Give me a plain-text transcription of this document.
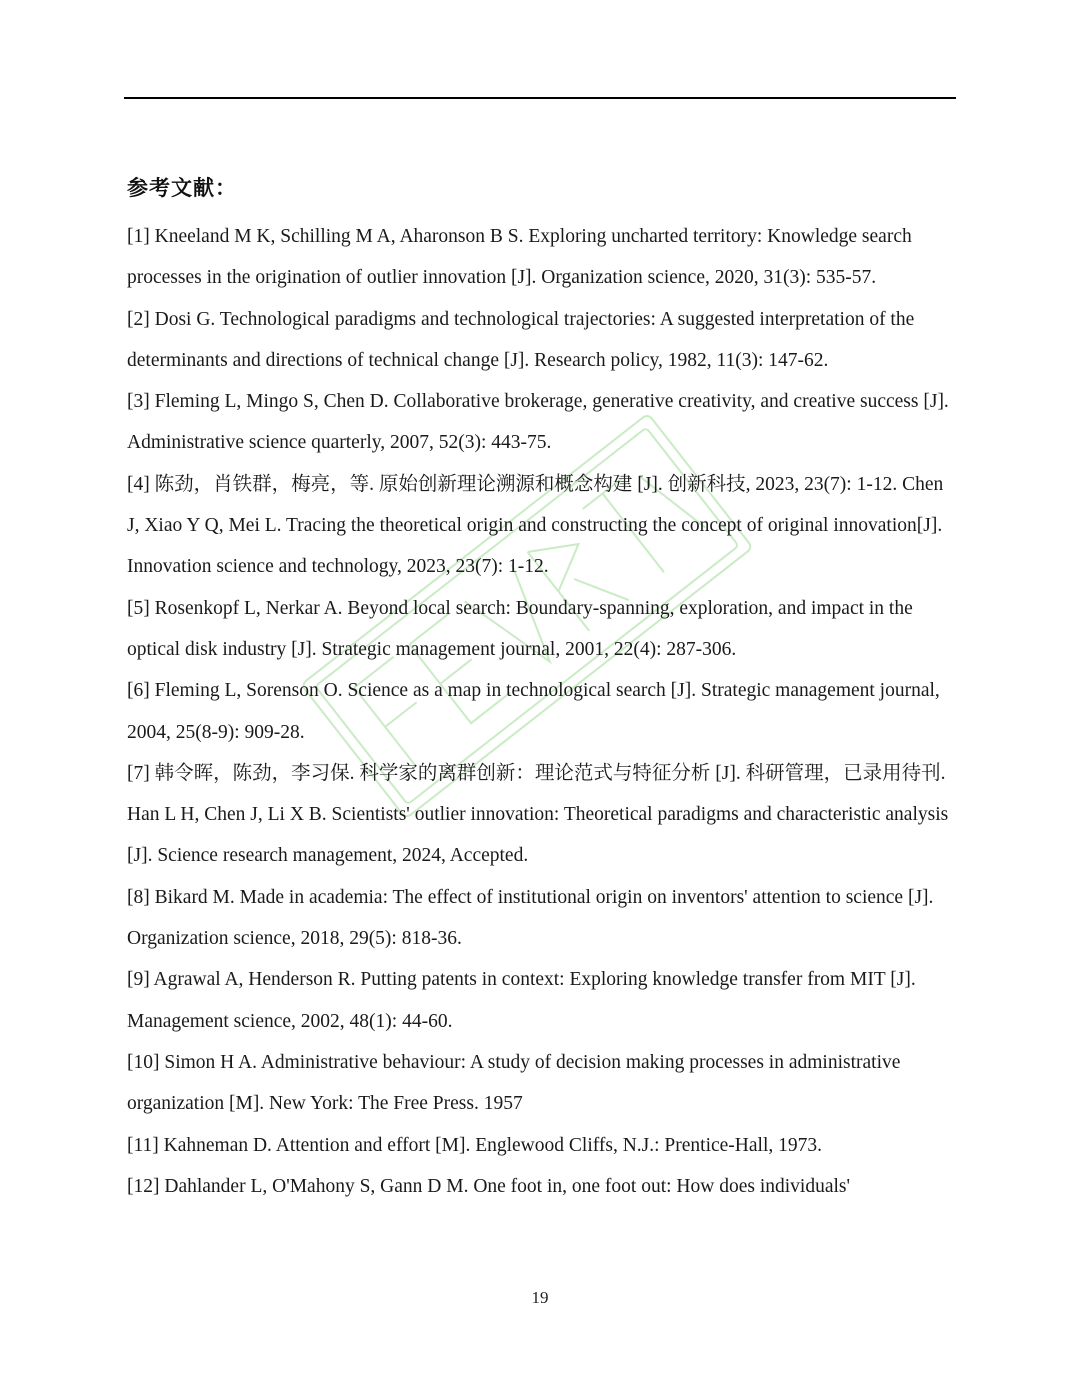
参考文献：
[1] Kneeland M K, Schilling M A, Aharonson B S. Exploring uncharted territory: Knowledge search processes in the origination of outlier innovation [J]. Organization science, 2020, 31(3): 535-57.
[2] Dosi G. Technological paradigms and technological trajectories: A suggested interpretation of the determinants and directions of technical change [J]. Research policy, 1982, 11(3): 147-62.
[3] Fleming L, Mingo S, Chen D. Collaborative brokerage, generative creativity, and creative success [J]. Administrative science quarterly, 2007, 52(3): 443-75.
[4] 陈劲，肖铁群，梅亮，等. 原始创新理论溯源和概念构建 [J]. 创新科技, 2023, 23(7): 1-12. Chen J, Xiao Y Q, Mei L. Tracing the theoretical origin and constructing the concept of original innovation[J]. Innovation science and technology, 2023, 23(7): 1-12.
[5] Rosenkopf L, Nerkar A. Beyond local search: Boundary-spanning, exploration, and impact in the optical disk industry [J]. Strategic management journal, 2001, 22(4): 287-306.
[6] Fleming L, Sorenson O. Science as a map in technological search [J]. Strategic management journal, 2004, 25(8-9): 909-28.
[7] 韩令晖，陈劲，李习保. 科学家的离群创新：理论范式与特征分析 [J]. 科研管理，已录用待刊. Han L H, Chen J, Li X B. Scientists' outlier innovation: Theoretical paradigms and characteristic analysis [J]. Science research management, 2024, Accepted.
[8] Bikard M. Made in academia: The effect of institutional origin on inventors' attention to science [J]. Organization science, 2018, 29(5): 818-36.
[9] Agrawal A, Henderson R. Putting patents in context: Exploring knowledge transfer from MIT [J]. Management science, 2002, 48(1): 44-60.
[10] Simon H A. Administrative behaviour: A study of decision making processes in administrative organization [M]. New York: The Free Press. 1957
[11] Kahneman D. Attention and effort [M]. Englewood Cliffs, N.J.: Prentice-Hall, 1973.
[12] Dahlander L, O'Mahony S, Gann D M. One foot in, one foot out: How does individuals'
19
